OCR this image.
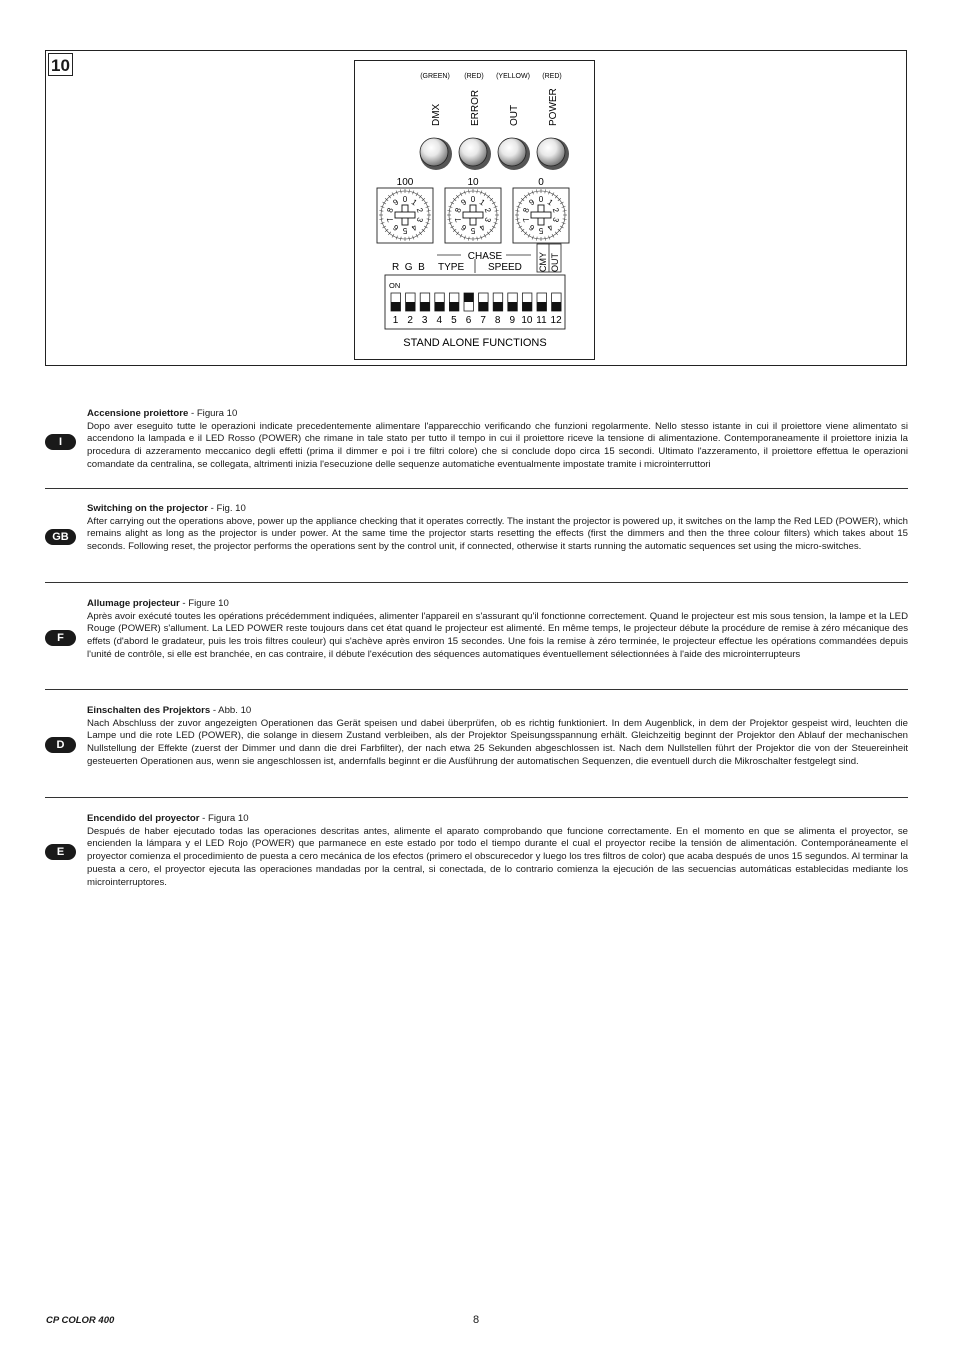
10
(GREEN)
DMX
(RED)
ERROR
(YELLOW)
OUT
(RED)
POWER
100
0 1
2
3
4
5
6
7
8
9
10
0 1
2
3
4
5
6
7
8
9
0
0 1
2
3
4
5
6
7
8
9
CHASE
R  G  B TYPE SPEED CMY OUT
ON
1 2 3 4 5 6 7 8 9 10 11 12
STAND ALONE FUNCTIONS
I
Accensione proiettore - Figura 10
Dopo aver eseguito tutte le operazioni indicate precedentemente alimentare l'apparecchio verificando che funzioni regolarmente. Nello stesso istante in cui il proiettore viene alimentato si accendono la lampada e il LED Rosso (POWER) che rimane in tale stato per tutto il tempo in cui il proiettore riceve la tensione di alimentazione. Contemporaneamente il proiettore inizia la procedura di azzeramento meccanico degli effetti (prima il dimmer e poi i tre filtri colore) che si conclude dopo circa 15 secondi. Ultimato l'azzeramento, il proiettore effettua le operazioni comandate da centralina, se collegata, altrimenti inizia l'esecuzione delle sequenze automatiche eventualmente impostate tramite i microinterruttori
GB
Switching on the projector - Fig. 10
After carrying out the operations above, power up the appliance checking that it operates correctly. The instant the projector is powered up, it switches on the lamp the Red LED (POWER), which remains alight as long as the projector is under power. At the same time the projector starts resetting the effects (first the dimmers and then the three colour filters) which takes about 15 seconds. Following reset, the projector performs the operations sent by the control unit, if connected, otherwise it starts running the automatic sequences set using the micro-switches.
F
Allumage projecteur - Figure 10
Après avoir exécuté toutes les opérations précédemment indiquées, alimenter l'appareil en s'assurant qu'il fonctionne correctement. Quand le projecteur est mis sous tension, la lampe et la LED Rouge (POWER) s'allument. La LED POWER reste toujours dans cet état quand le projecteur est alimenté. En même temps, le projecteur débute la procédure de remise à zéro mécanique des effets (d'abord le gradateur, puis les trois filtres couleur) qui s'achève après environ 15 secondes. Une fois la remise à zéro terminée, le projecteur effectue les opérations commandées depuis l'unité de contrôle, si elle est branchée, en cas contraire, il débute l'exécution des séquences automatiques éventuellement sélectionnées à l'aide des microinterrupteurs
D
Einschalten des Projektors - Abb. 10
Nach Abschluss der zuvor angezeigten Operationen das Gerät speisen und dabei überprüfen, ob es richtig funktioniert. In dem Augenblick, in dem der Projektor gespeist wird, leuchten die Lampe und die rote LED (POWER), die solange in diesem Zustand verbleiben, als der Projektor Speisungsspannung erhält. Gleichzeitig beginnt der Projektor den Ablauf der mechanischen Nullstellung der Effekte (zuerst der Dimmer und dann die drei Farbfilter), der nach etwa 25 Sekunden abgeschlossen ist. Nach dem Nullstellen führt der Projektor die von der Steuereinheit gesteuerten Operationen aus, wenn sie angeschlossen ist, andernfalls beginnt er die Ausführung der automatischen Sequenzen, die eventuell durch die Mikroschalter festgelegt sind.
E
Encendido del proyector - Figura 10
Después de haber ejecutado todas las operaciones descritas antes, alimente el aparato comprobando que funcione correctamente. En el momento en que se alimenta el proyector, se encienden la lámpara y el LED Rojo (POWER) que parmanece en este estado por todo el tiempo durante el cual el proyector recibe la tensión de alimentación. Contemporáneamente el proyector comienza el procedimiento de puesta a cero mecánica de los efectos (primero el obscurecedor y luego los tres filtros de color) que acaba después de unos 15 segundos. Al terminar la puesta a cero, el proyector ejecuta las operaciones mandadas por la central, si conectada, de lo contrario comienza la ejecución de las secuencias automáticas establecidas mediante los microinterruptores.
CP COLOR 400	8
